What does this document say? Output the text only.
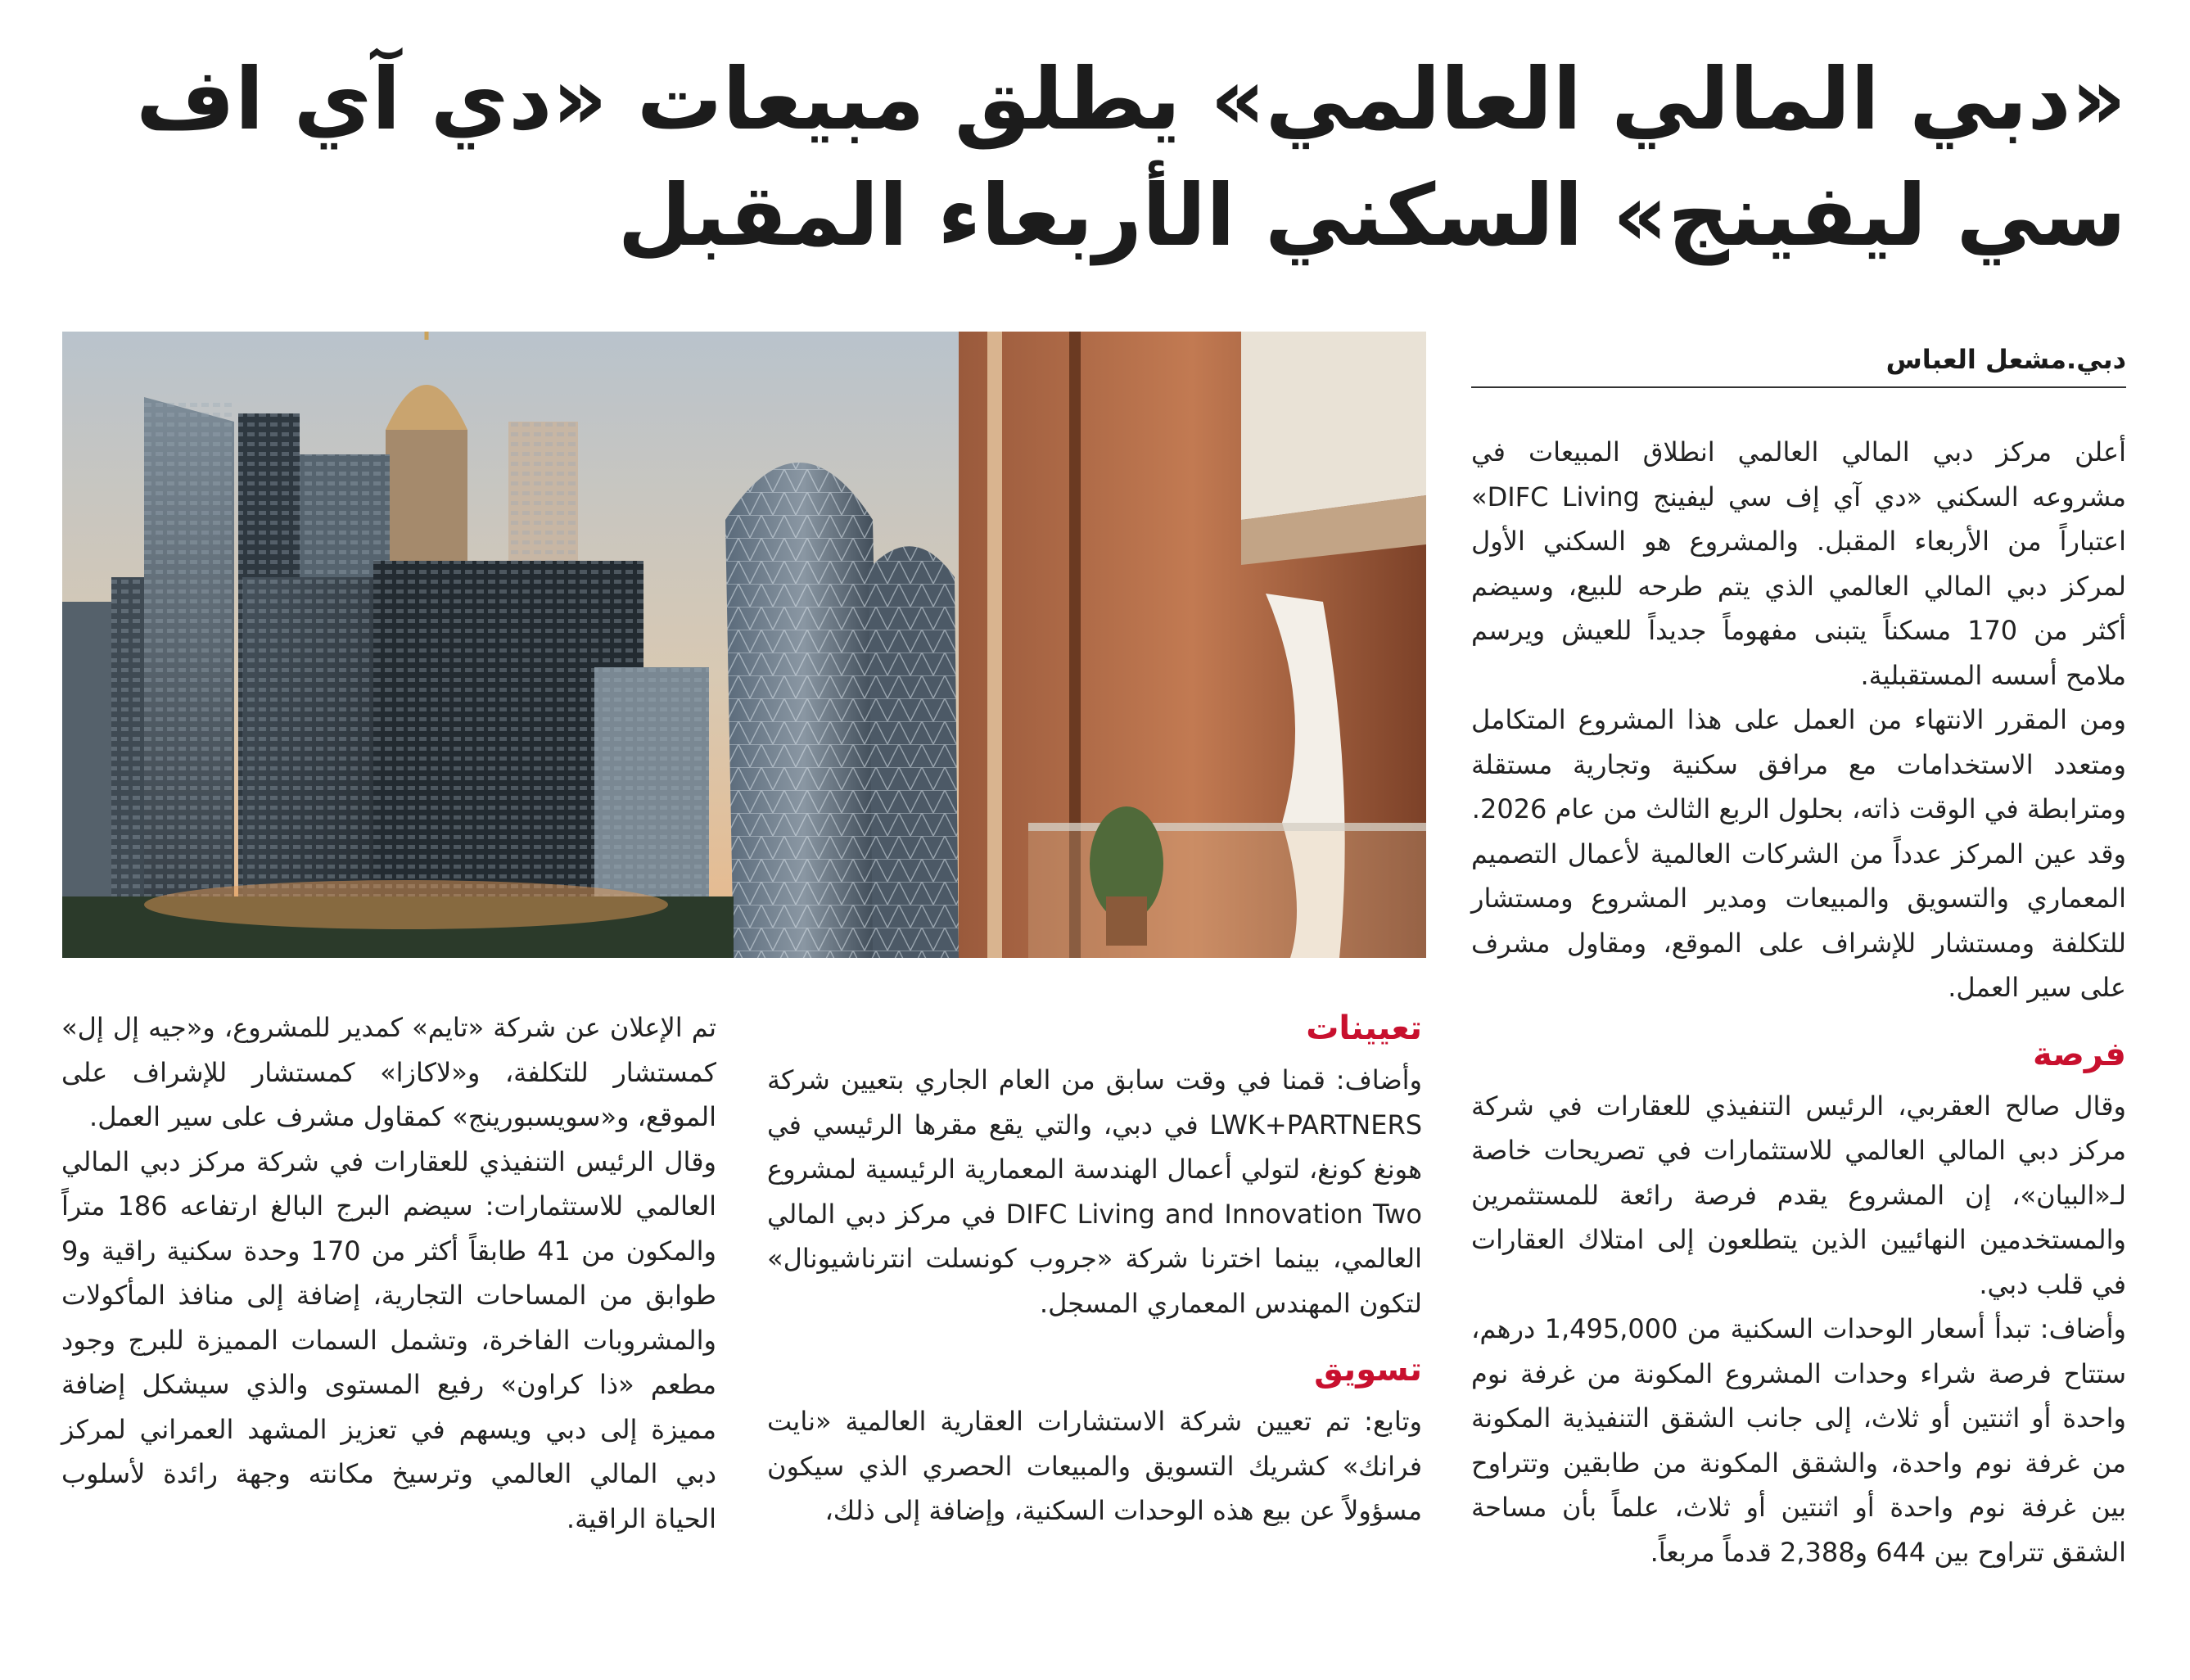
«دبي المالي العالمي» يطلق مبيعات «دي آي اف سي ليفينج» السكني الأربعاء المقبل
دبي.مشعل العباس

أعلن مركز دبي المالي العالمي انطلاق المبيعات في مشروعه السكني «دي آي إف سي ليفينج DIFC Living» اعتباراً من الأربعاء المقبل. والمشروع هو السكني الأول لمركز دبي المالي العالمي الذي يتم طرحه للبيع، وسيضم أكثر من 170 مسكناً يتبنى مفهوماً جديداً للعيش ويرسم ملامح أسسه المستقبلية.

ومن المقرر الانتهاء من العمل على هذا المشروع المتكامل ومتعدد الاستخدامات مع مرافق سكنية وتجارية مستقلة ومترابطة في الوقت ذاته، بحلول الربع الثالث من عام 2026.

وقد عين المركز عدداً من الشركات العالمية لأعمال التصميم المعماري والتسويق والمبيعات ومدير المشروع ومستشار للتكلفة ومستشار للإشراف على الموقع، ومقاول مشرف على سير العمل.

فرصة

وقال صالح العقربي، الرئيس التنفيذي للعقارات في شركة مركز دبي المالي العالمي للاستثمارات في تصريحات خاصة لـ«البيان»، إن المشروع يقدم فرصة رائعة للمستثمرين والمستخدمين النهائيين الذين يتطلعون إلى امتلاك العقارات في قلب دبي.

وأضاف: تبدأ أسعار الوحدات السكنية من 1,495,000 درهم، ستتاح فرصة شراء وحدات المشروع المكونة من غرفة نوم واحدة أو اثنتين أو ثلاث، إلى جانب الشقق التنفيذية المكونة من غرفة نوم واحدة، والشقق المكونة من طابقين وتتراوح بين غرفة نوم واحدة أو اثنتين أو ثلاث، علماً بأن مساحة الشقق تتراوح بين 644 و2,388 قدماً مربعاً.

تعيينات

وأضاف: قمنا في وقت سابق من العام الجاري بتعيين شركة LWK+PARTNERS في دبي، والتي يقع مقرها الرئيسي في هونغ كونغ، لتولي أعمال الهندسة المعمارية الرئيسية لمشروع DIFC Living and Innovation Two في مركز دبي المالي العالمي، بينما اخترنا شركة «جروب كونسلت انترناشيونال» لتكون المهندس المعماري المسجل.

تسويق

وتابع: تم تعيين شركة الاستشارات العقارية العالمية «نايت فرانك» كشريك التسويق والمبيعات الحصري الذي سيكون مسؤولاً عن بيع هذه الوحدات السكنية، وإضافة إلى ذلك،

تم الإعلان عن شركة «تايم» كمدير للمشروع، و«جيه إل إل» كمستشار للتكلفة، و«لاكازا» كمستشار للإشراف على الموقع، و«سويسبورينج» كمقاول مشرف على سير العمل.

وقال الرئيس التنفيذي للعقارات في شركة مركز دبي المالي العالمي للاستثمارات: سيضم البرج البالغ ارتفاعه 186 متراً والمكون من 41 طابقاً أكثر من 170 وحدة سكنية راقية و9 طوابق من المساحات التجارية، إضافة إلى منافذ المأكولات والمشروبات الفاخرة، وتشمل السمات المميزة للبرج وجود مطعم «ذا كراون» رفيع المستوى والذي سيشكل إضافة مميزة إلى دبي ويسهم في تعزيز المشهد العمراني لمركز دبي المالي العالمي وترسيخ مكانته وجهة رائدة لأسلوب الحياة الراقية.
